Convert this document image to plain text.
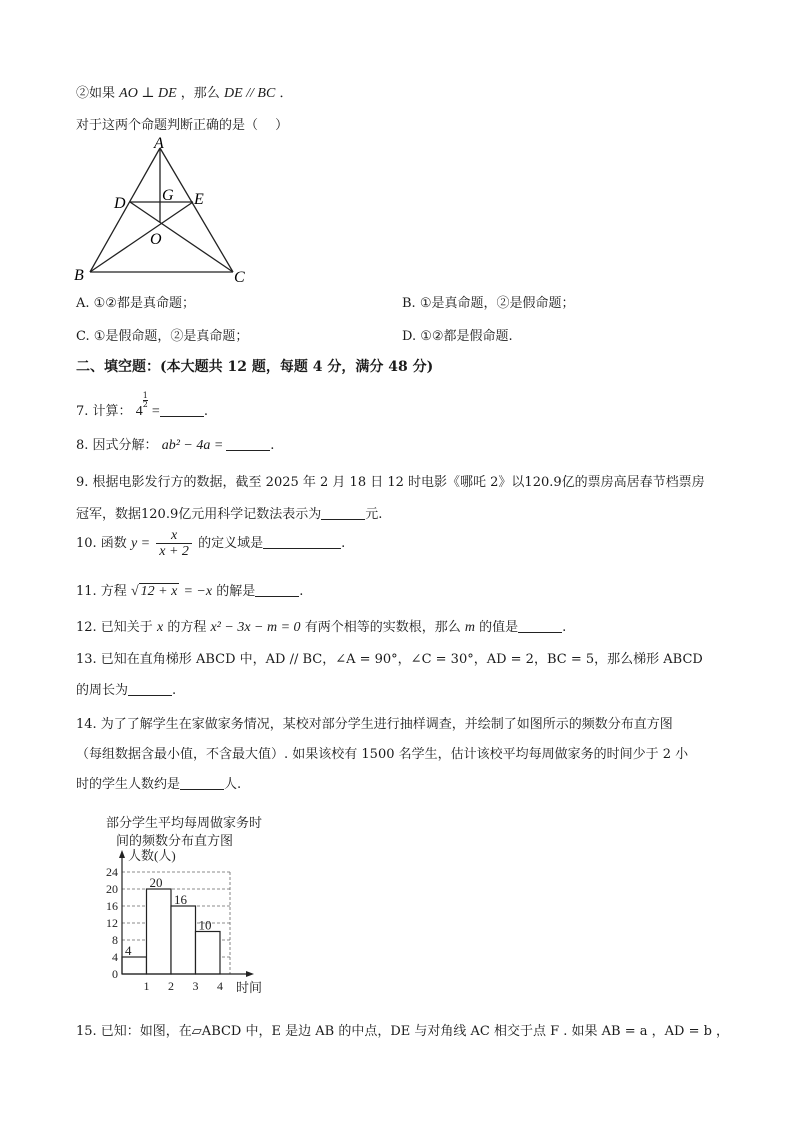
②如果 AO ⊥ DE ，那么 DE // BC ．
对于这两个命题判断正确的是（　 ）
A
D G E
O
B	C
A. ①②都是真命题；	B. ①是真命题，②是假命题；
C. ①是假命题，②是真命题；	D. ①②都是假命题.
二、填空题：(本大题共 12 题，每题 4 分，满分 48 分)
7. 计算： 4
$\frac{1}{2}$
=	.
8. 因式分解： ab² − 4a =	.
9. 根据电影发行方的数据，截至 2025 年 2 月 18 日 12 时电影《哪吒 2》以120.9亿的票房高居春节档票房
冠军，数据120.9亿元用科学记数法表示为	元.
10. 函数 $y = \frac{x}{x + 2}$ 的定义域是	.
11. 方程 √ 12 + x = −x 的解是	.
12. 已知关于 x 的方程 x² − 3x − m = 0 有两个相等的实数根，那么 m 的值是	.
13. 已知在直角梯形 ABCD 中，AD // BC，∠A = 90°，∠C = 30°，AD = 2，BC = 5，那么梯形 ABCD
的周长为	.
14. 为了了解学生在家做家务情况，某校对部分学生进行抽样调查，并绘制了如图所示的频数分布直方图
（每组数据含最小值，不含最大值）. 如果该校有 1500 名学生，估计该校平均每周做家务的时间少于 2 小
时的学生人数约是	人.
部分学生平均每周做家务时
间的频数分布直方图
4
20
16
10
0
4
8
12
16
20
24
1 2 3 4
人数(人)
时间
15. 已知：如图，在▱ABCD 中，E 是边 AB 的中点，DE 与对角线 AC 相交于点 F . 如果 AB = a ，AD = b ，
